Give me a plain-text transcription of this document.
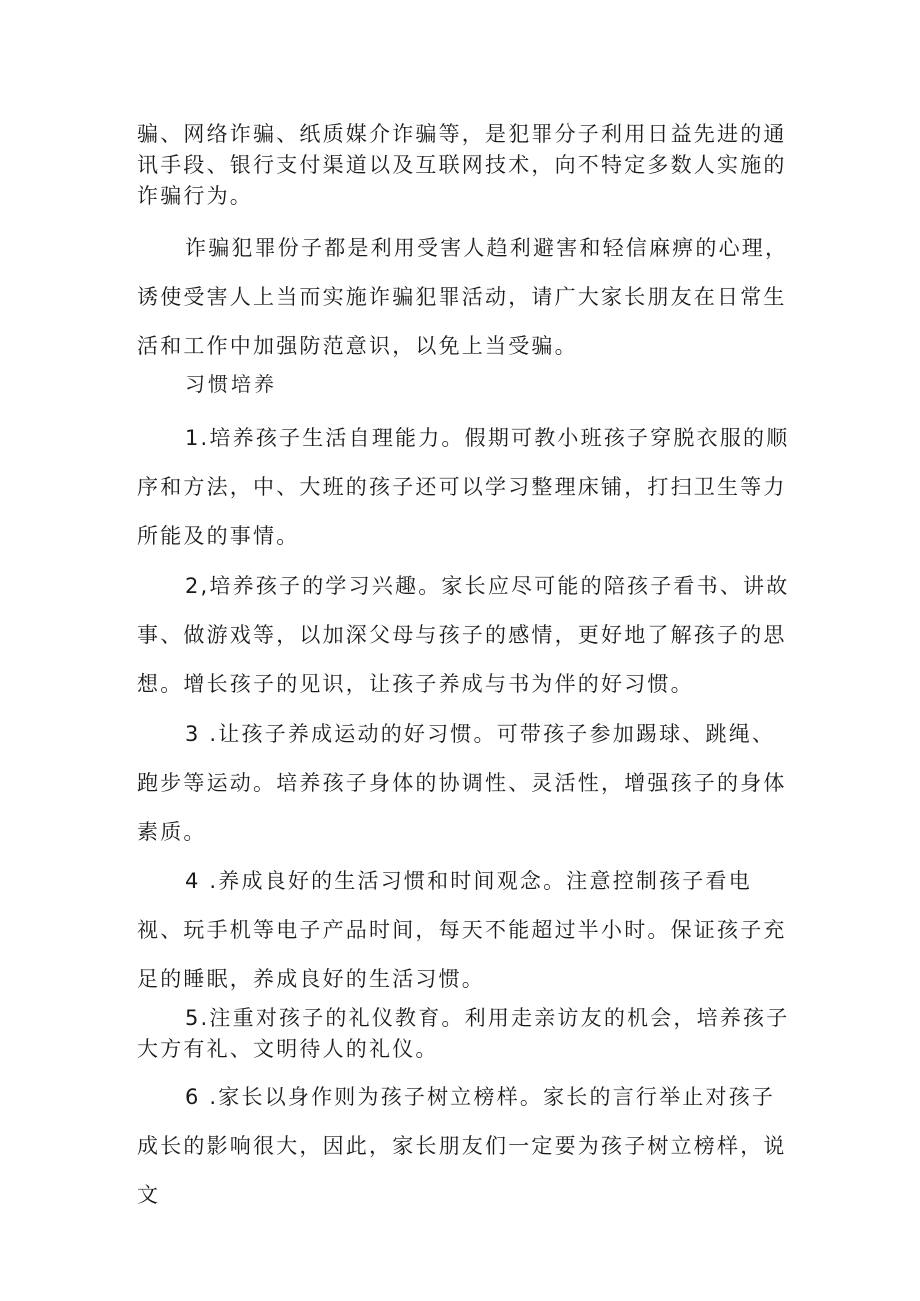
骗、网络诈骗、纸质媒介诈骗等，是犯罪分子利用日益先进的通讯手段、银行支付渠道以及互联网技术，向不特定多数人实施的诈骗行为。

诈骗犯罪份子都是利用受害人趋利避害和轻信麻痹的心理，诱使受害人上当而实施诈骗犯罪活动，请广大家长朋友在日常生活和工作中加强防范意识，以免上当受骗。

习惯培养

1.培养孩子生活自理能力。假期可教小班孩子穿脱衣服的顺序和方法，中、大班的孩子还可以学习整理床铺，打扫卫生等力所能及的事情。

2,培养孩子的学习兴趣。家长应尽可能的陪孩子看书、讲故事、做游戏等，以加深父母与孩子的感情，更好地了解孩子的思想。增长孩子的见识，让孩子养成与书为伴的好习惯。

3 .让孩子养成运动的好习惯。可带孩子参加踢球、跳绳、跑步等运动。培养孩子身体的协调性、灵活性，增强孩子的身体素质。

4 .养成良好的生活习惯和时间观念。注意控制孩子看电视、玩手机等电子产品时间，每天不能超过半小时。保证孩子充足的睡眠，养成良好的生活习惯。

5.注重对孩子的礼仪教育。利用走亲访友的机会，培养孩子大方有礼、文明待人的礼仪。

6 .家长以身作则为孩子树立榜样。家长的言行举止对孩子成长的影响很大，因此，家长朋友们一定要为孩子树立榜样，说文
